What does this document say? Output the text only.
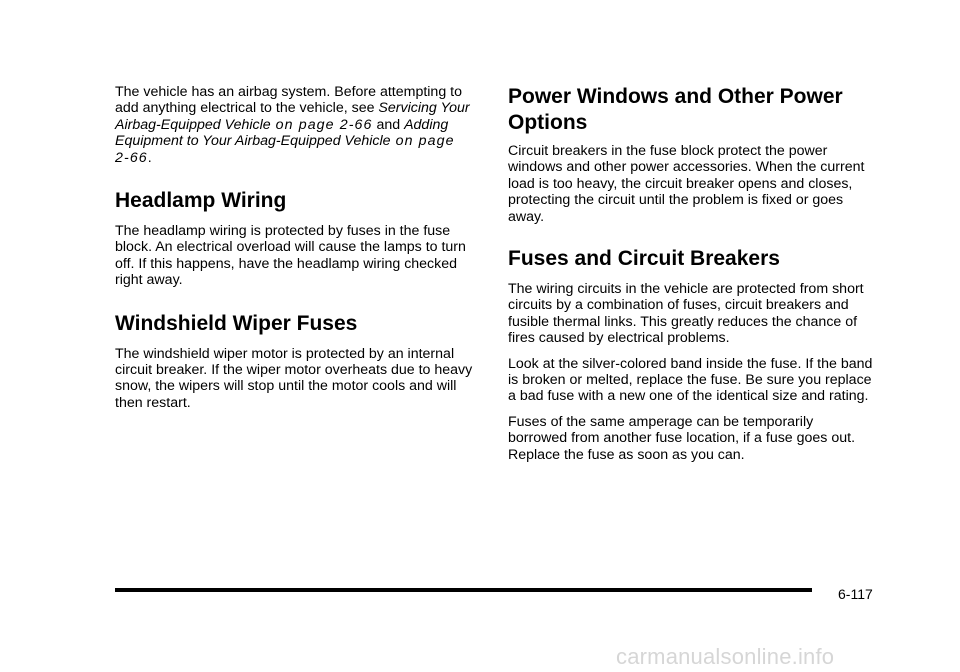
The vehicle has an airbag system. Before attempting to add anything electrical to the vehicle, see Servicing Your Airbag-Equipped Vehicle on page 2‑66 and Adding Equipment to Your Airbag-Equipped Vehicle on page 2‑66.

Headlamp Wiring

The headlamp wiring is protected by fuses in the fuse block. An electrical overload will cause the lamps to turn off. If this happens, have the headlamp wiring checked right away.

Windshield Wiper Fuses

The windshield wiper motor is protected by an internal circuit breaker. If the wiper motor overheats due to heavy snow, the wipers will stop until the motor cools and will then restart.

Power Windows and Other Power Options

Circuit breakers in the fuse block protect the power windows and other power accessories. When the current load is too heavy, the circuit breaker opens and closes, protecting the circuit until the problem is fixed or goes away.

Fuses and Circuit Breakers

The wiring circuits in the vehicle are protected from short circuits by a combination of fuses, circuit breakers and fusible thermal links. This greatly reduces the chance of fires caused by electrical problems.

Look at the silver-colored band inside the fuse. If the band is broken or melted, replace the fuse. Be sure you replace a bad fuse with a new one of the identical size and rating.

Fuses of the same amperage can be temporarily borrowed from another fuse location, if a fuse goes out. Replace the fuse as soon as you can.

6-117
carmanualsonline.info
